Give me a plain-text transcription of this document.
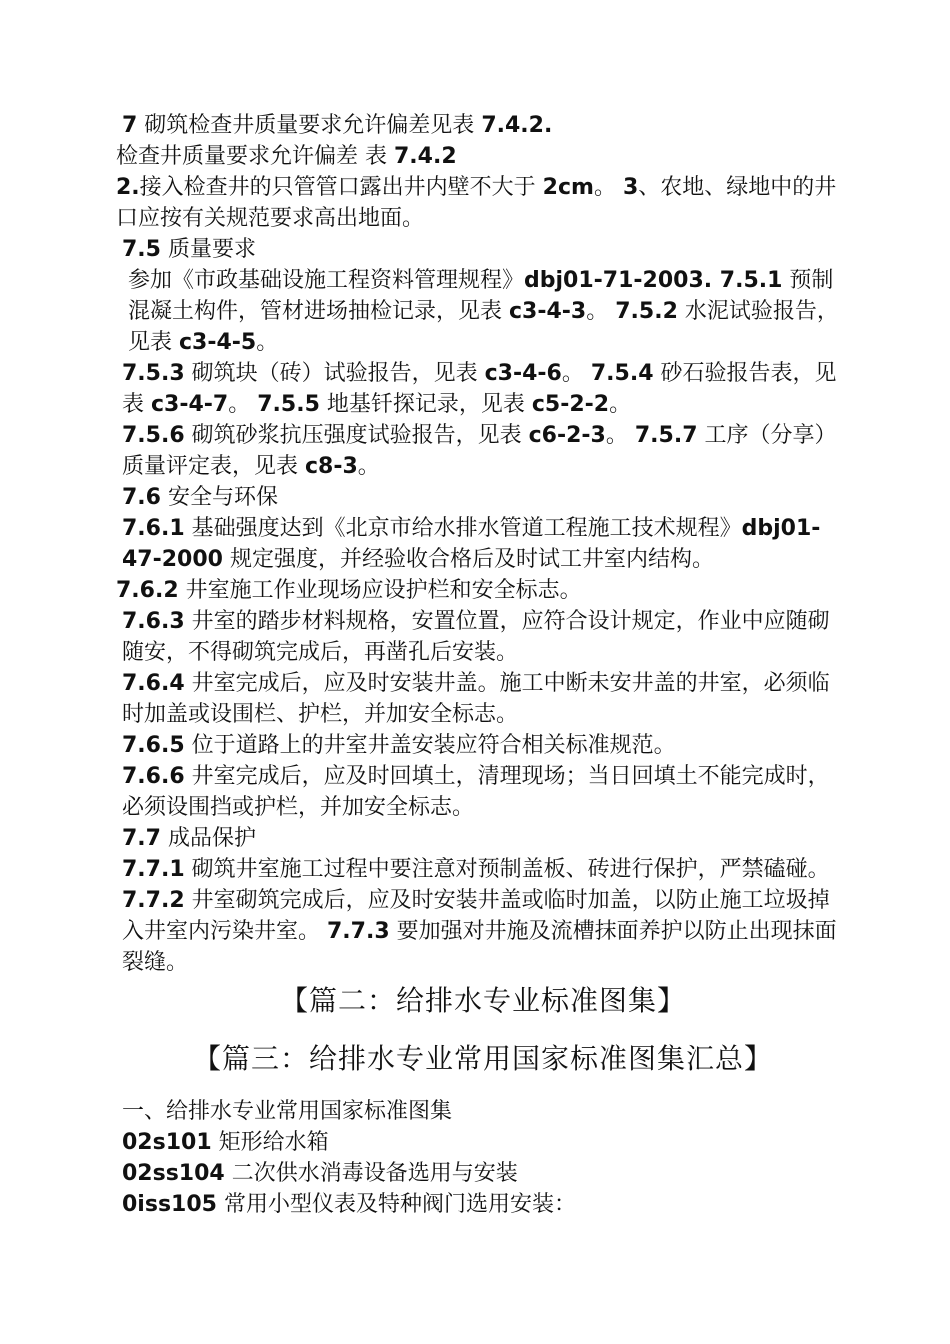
7 砌筑检查井质量要求允许偏差见表 7.4.2.
检查井质量要求允许偏差 表 7.4.2
2.接入检查井的只管管口露出井内壁不大于 2cm。 3、农地、绿地中的井口应按有关规范要求高出地面。
7.5 质量要求
参加《市政基础设施工程资料管理规程》dbj01-71-2003. 7.5.1 预制混凝土构件，管材进场抽检记录，见表 c3-4-3。 7.5.2 水泥试验报告，见表 c3-4-5。
7.5.3 砌筑块（砖）试验报告，见表 c3-4-6。 7.5.4 砂石验报告表，见表 c3-4-7。 7.5.5 地基钎探记录，见表 c5-2-2。
7.5.6 砌筑砂浆抗压强度试验报告，见表 c6-2-3。 7.5.7 工序（分享）质量评定表，见表 c8-3。
7.6 安全与环保
7.6.1 基础强度达到《北京市给水排水管道工程施工技术规程》dbj01-47-2000 规定强度，并经验收合格后及时试工井室内结构。
7.6.2 井室施工作业现场应设护栏和安全标志。
7.6.3 井室的踏步材料规格，安置位置，应符合设计规定，作业中应随砌随安，不得砌筑完成后，再凿孔后安装。
7.6.4 井室完成后，应及时安装井盖。施工中断未安井盖的井室，必须临时加盖或设围栏、护栏，并加安全标志。
7.6.5 位于道路上的井室井盖安装应符合相关标准规范。
7.6.6 井室完成后，应及时回填土，清理现场；当日回填土不能完成时，必须设围挡或护栏，并加安全标志。
7.7 成品保护
7.7.1 砌筑井室施工过程中要注意对预制盖板、砖进行保护，严禁磕碰。 7.7.2 井室砌筑完成后，应及时安装井盖或临时加盖，以防止施工垃圾掉入井室内污染井室。 7.7.3 要加强对井施及流槽抹面养护以防止出现抹面裂缝。
【篇二：给排水专业标准图集】
【篇三：给排水专业常用国家标准图集汇总】
一、给排水专业常用国家标准图集
02s101 矩形给水箱
02ss104 二次供水消毒设备选用与安装
0iss105 常用小型仪表及特种阀门选用安装：
